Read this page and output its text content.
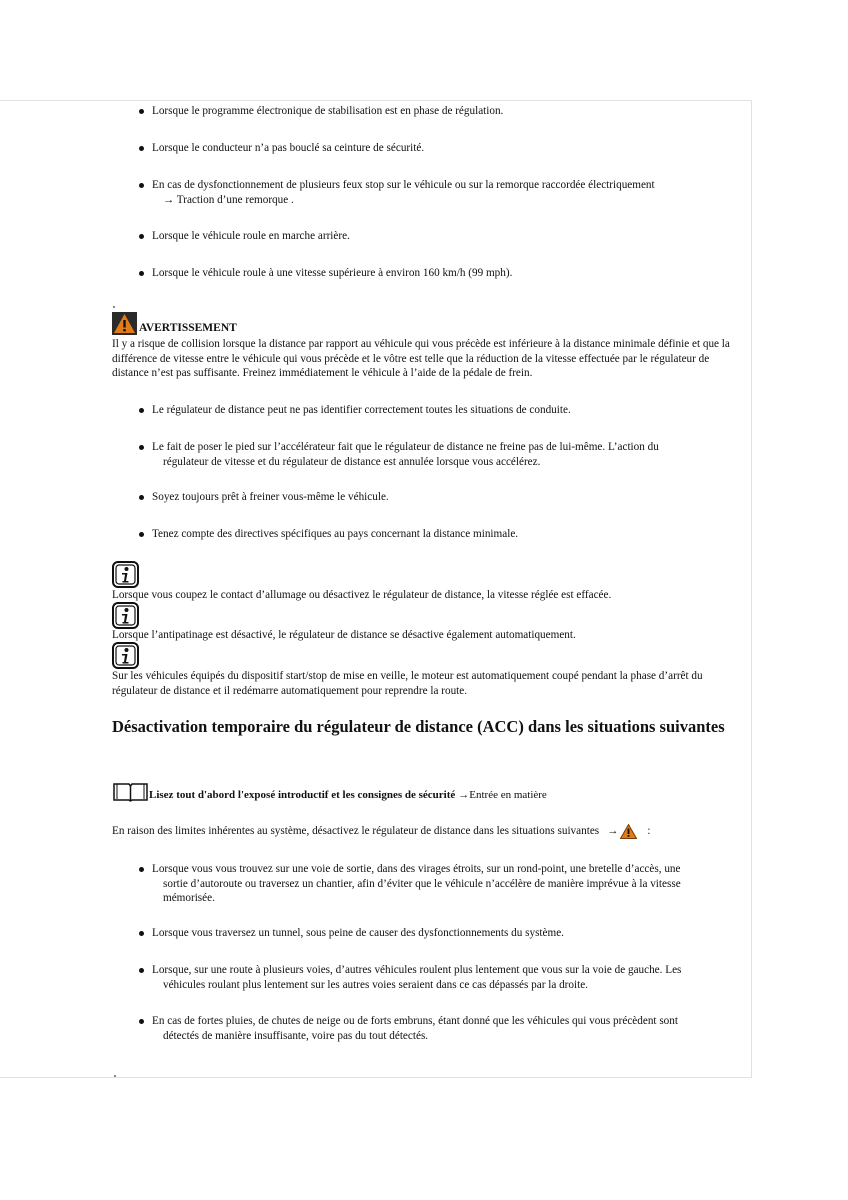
Lorsque le programme électronique de stabilisation est en phase de régulation.
Lorsque le conducteur n’a pas bouclé sa ceinture de sécurité.
En cas de dysfonctionnement de plusieurs feux stop sur le véhicule ou sur la remorque raccordée électriquement
→ Traction d’une remorque .
Lorsque le véhicule roule en marche arrière.
Lorsque le véhicule roule à une vitesse supérieure à environ 160 km/h (99 mph).
AVERTISSEMENT
Il y a risque de collision lorsque la distance par rapport au véhicule qui vous précède est inférieure à la distance minimale définie et que la différence de vitesse entre le véhicule qui vous précède et le vôtre est telle que la réduction de la vitesse effectuée par le régulateur de distance n’est pas suffisante. Freinez immédiatement le véhicule à l’aide de la pédale de frein.
Le régulateur de distance peut ne pas identifier correctement toutes les situations de conduite.
Le fait de poser le pied sur l’accélérateur fait que le régulateur de distance ne freine pas de lui-même. L’action du
régulateur de vitesse et du régulateur de distance est annulée lorsque vous accélérez.
Soyez toujours prêt à freiner vous-même le véhicule.
Tenez compte des directives spécifiques au pays concernant la distance minimale.
Lorsque vous coupez le contact d’allumage ou désactivez le régulateur de distance, la vitesse réglée est effacée.
Lorsque l’antipatinage est désactivé, le régulateur de distance se désactive également automatiquement.
Sur les véhicules équipés du dispositif start/stop de mise en veille, le moteur est automatiquement coupé pendant la phase d’arrêt du régulateur de distance et il redémarre automatiquement pour reprendre la route.
Désactivation temporaire du régulateur de distance (ACC) dans les situations suivantes
Lisez tout d'abord l'exposé introductif et les consignes de sécurité →Entrée en matière
En raison des limites inhérentes au système, désactivez le régulateur de distance dans les situations suivantes →	:
Lorsque vous vous trouvez sur une voie de sortie, dans des virages étroits, sur un rond-point, une bretelle d’accès, une
sortie d’autoroute ou traversez un chantier, afin d’éviter que le véhicule n’accélère de manière imprévue à la vitesse
mémorisée.
Lorsque vous traversez un tunnel, sous peine de causer des dysfonctionnements du système.
Lorsque, sur une route à plusieurs voies, d’autres véhicules roulent plus lentement que vous sur la voie de gauche. Les
véhicules roulant plus lentement sur les autres voies seraient dans ce cas dépassés par la droite.
En cas de fortes pluies, de chutes de neige ou de forts embruns, étant donné que les véhicules qui vous précèdent sont
détectés de manière insuffisante, voire pas du tout détectés.
